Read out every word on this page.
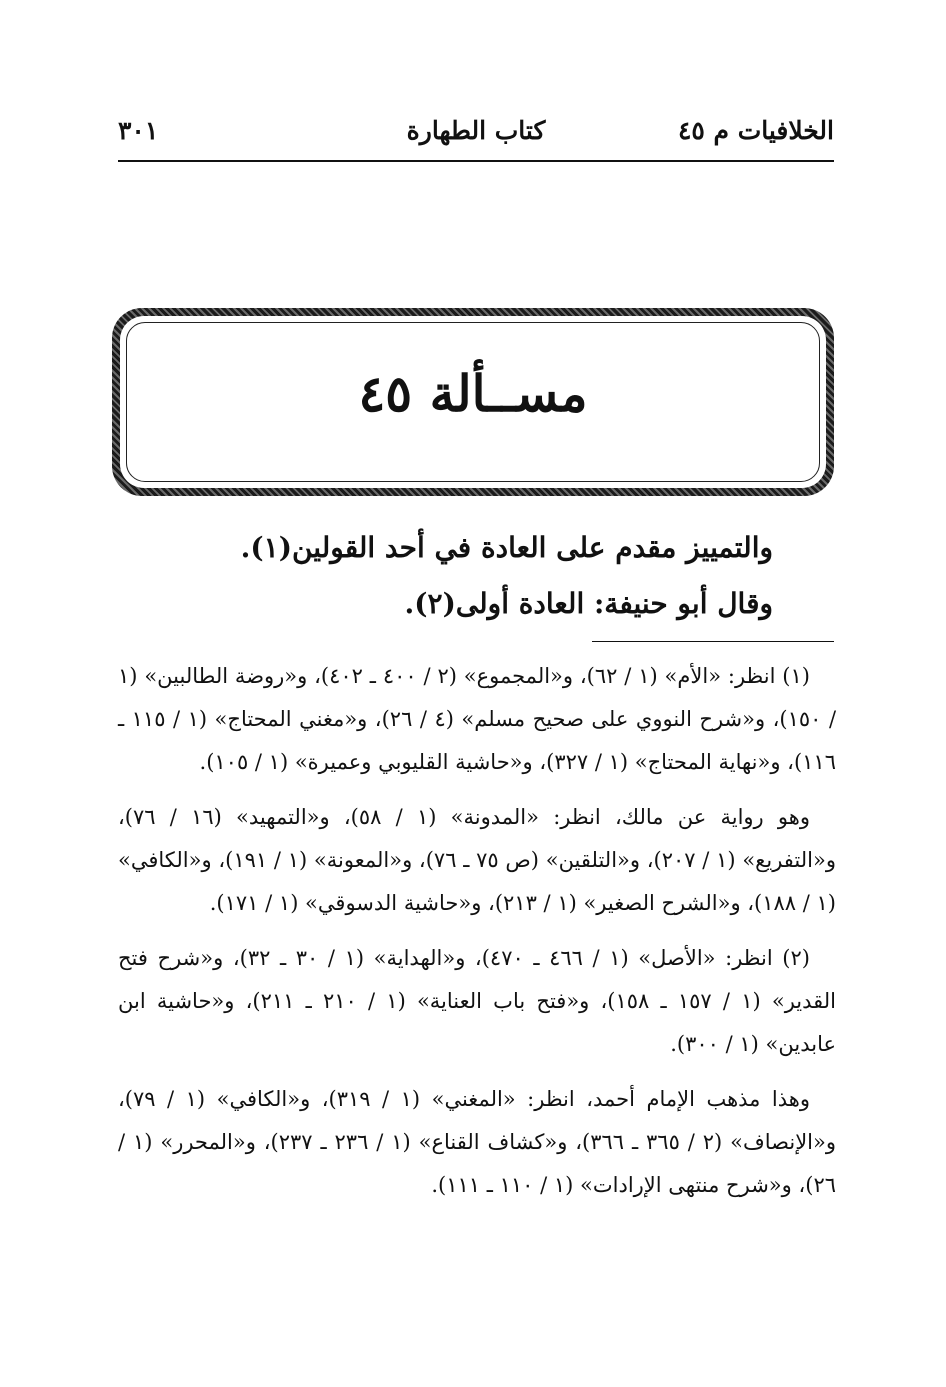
الخلافيات م ٤٥
كتاب الطهارة
٣٠١
مســألة ٤٥
والتمييز مقدم على العادة في أحد القولين(١).
وقال أبو حنيفة: العادة أولى(٢).

(١) انظر: «الأم» (١ / ٦٢)، و«المجموع» (٢ / ٤٠٠ ـ ٤٠٢)، و«روضة الطالبين» (١ / ١٥٠)، و«شرح النووي على صحيح مسلم» (٤ / ٢٦)، و«مغني المحتاج» (١ / ١١٥ ـ ١١٦)، و«نهاية المحتاج» (١ / ٣٢٧)، و«حاشية القليوبي وعميرة» (١ / ١٠٥).

وهو رواية عن مالك، انظر: «المدونة» (١ / ٥٨)، و«التمهيد» (١٦ / ٧٦)، و«التفريع» (١ / ٢٠٧)، و«التلقين» (ص ٧٥ ـ ٧٦)، و«المعونة» (١ / ١٩١)، و«الكافي» (١ / ١٨٨)، و«الشرح الصغير» (١ / ٢١٣)، و«حاشية الدسوقي» (١ / ١٧١).

(٢) انظر: «الأصل» (١ / ٤٦٦ ـ ٤٧٠)، و«الهداية» (١ / ٣٠ ـ ٣٢)، و«شرح فتح القدير» (١ / ١٥٧ ـ ١٥٨)، و«فتح باب العناية» (١ / ٢١٠ ـ ٢١١)، و«حاشية ابن عابدين» (١ / ٣٠٠).

وهذا مذهب الإمام أحمد، انظر: «المغني» (١ / ٣١٩)، و«الكافي» (١ / ٧٩)، و«الإنصاف» (٢ / ٣٦٥ ـ ٣٦٦)، و«كشاف القناع» (١ / ٢٣٦ ـ ٢٣٧)، و«المحرر» (١ / ٢٦)، و«شرح منتهى الإرادات» (١ / ١١٠ ـ ١١١).
